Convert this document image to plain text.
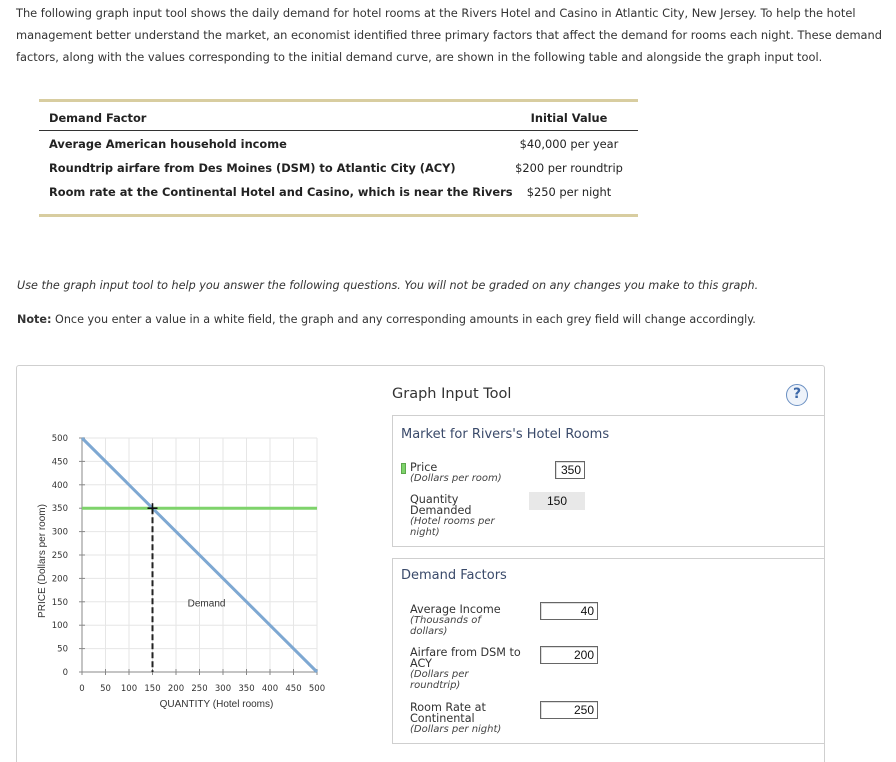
The following graph input tool shows the daily demand for hotel rooms at the Rivers Hotel and Casino in Atlantic City, New Jersey. To help the hotel management better understand the market, an economist identified three primary factors that affect the demand for rooms each night. These demand factors, along with the values corresponding to the initial demand curve, are shown in the following table and alongside the graph input tool.
Demand Factor	Initial Value
Average American household income	$40,000 per year
Roundtrip airfare from Des Moines (DSM) to Atlantic City (ACY)	$200 per roundtrip
Room rate at the Continental Hotel and Casino, which is near the Rivers	$250 per night
Use the graph input tool to help you answer the following questions. You will not be graded on any changes you make to this graph.
Note: Once you enter a value in a white field, the graph and any corresponding amounts in each grey field will change accordingly.
0 50 100 150 200 250 300 350 400 450 500
0
50
100
150
200
250
300
350
400
450
500
QUANTITY (Hotel rooms)
PRICE (Dollars per room)	Demand
Graph Input Tool	?
Market for Rivers's Hotel Rooms
Price
(Dollars per room)
350
Quantity
Demanded
(Hotel rooms per
night)
150
Demand Factors
Average Income
(Thousands of
dollars)
40
Airfare from DSM to
ACY
(Dollars per
roundtrip)
200
Room Rate at
Continental
(Dollars per night)
250
